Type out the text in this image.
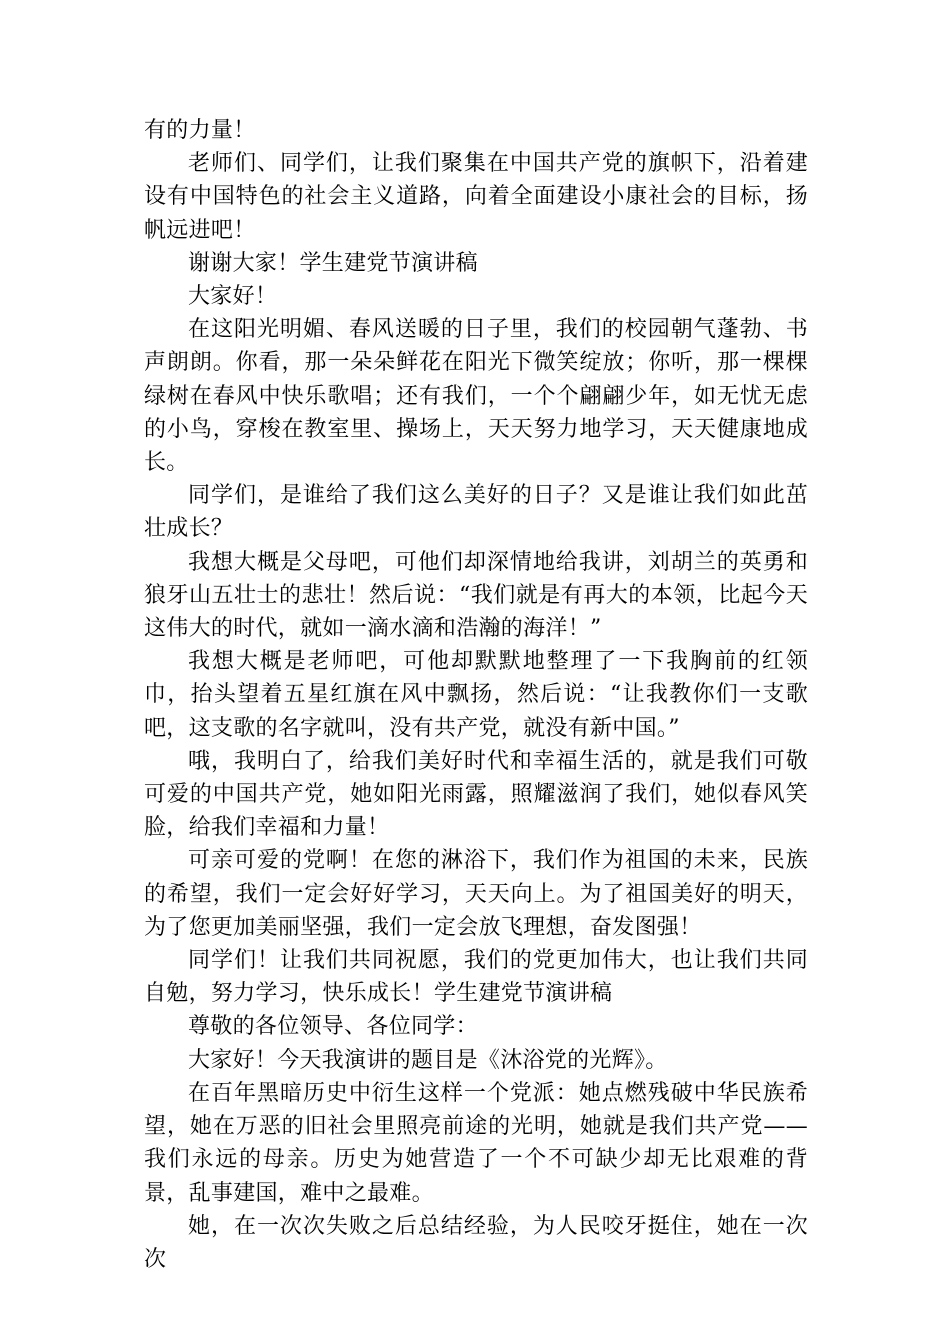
有的力量！

老师们、同学们，让我们聚集在中国共产党的旗帜下，沿着建设有中国特色的社会主义道路，向着全面建设小康社会的目标，扬帆远进吧！

谢谢大家！学生建党节演讲稿

大家好！

在这阳光明媚、春风送暖的日子里，我们的校园朝气蓬勃、书声朗朗。你看，那一朵朵鲜花在阳光下微笑绽放；你听，那一棵棵绿树在春风中快乐歌唱；还有我们，一个个翩翩少年，如无忧无虑的小鸟，穿梭在教室里、操场上，天天努力地学习，天天健康地成长。

同学们，是谁给了我们这么美好的日子？又是谁让我们如此茁壮成长？

我想大概是父母吧，可他们却深情地给我讲，刘胡兰的英勇和狼牙山五壮士的悲壮！然后说：“我们就是有再大的本领，比起今天这伟大的时代，就如一滴水滴和浩瀚的海洋！”

我想大概是老师吧，可他却默默地整理了一下我胸前的红领巾，抬头望着五星红旗在风中飘扬，然后说：“让我教你们一支歌吧，这支歌的名字就叫，没有共产党，就没有新中国。”

哦，我明白了，给我们美好时代和幸福生活的，就是我们可敬可爱的中国共产党，她如阳光雨露，照耀滋润了我们，她似春风笑脸，给我们幸福和力量！

可亲可爱的党啊！在您的淋浴下，我们作为祖国的未来，民族的希望，我们一定会好好学习，天天向上。为了祖国美好的明天，为了您更加美丽坚强，我们一定会放飞理想，奋发图强！

同学们！让我们共同祝愿，我们的党更加伟大，也让我们共同自勉，努力学习，快乐成长！学生建党节演讲稿

尊敬的各位领导、各位同学：

大家好！今天我演讲的题目是《沐浴党的光辉》。

在百年黑暗历史中衍生这样一个党派：她点燃残破中华民族希望，她在万恶的旧社会里照亮前途的光明，她就是我们共产党——我们永远的母亲。历史为她营造了一个不可缺少却无比艰难的背景，乱事建国，难中之最难。

她，在一次次失败之后总结经验，为人民咬牙挺住，她在一次次
